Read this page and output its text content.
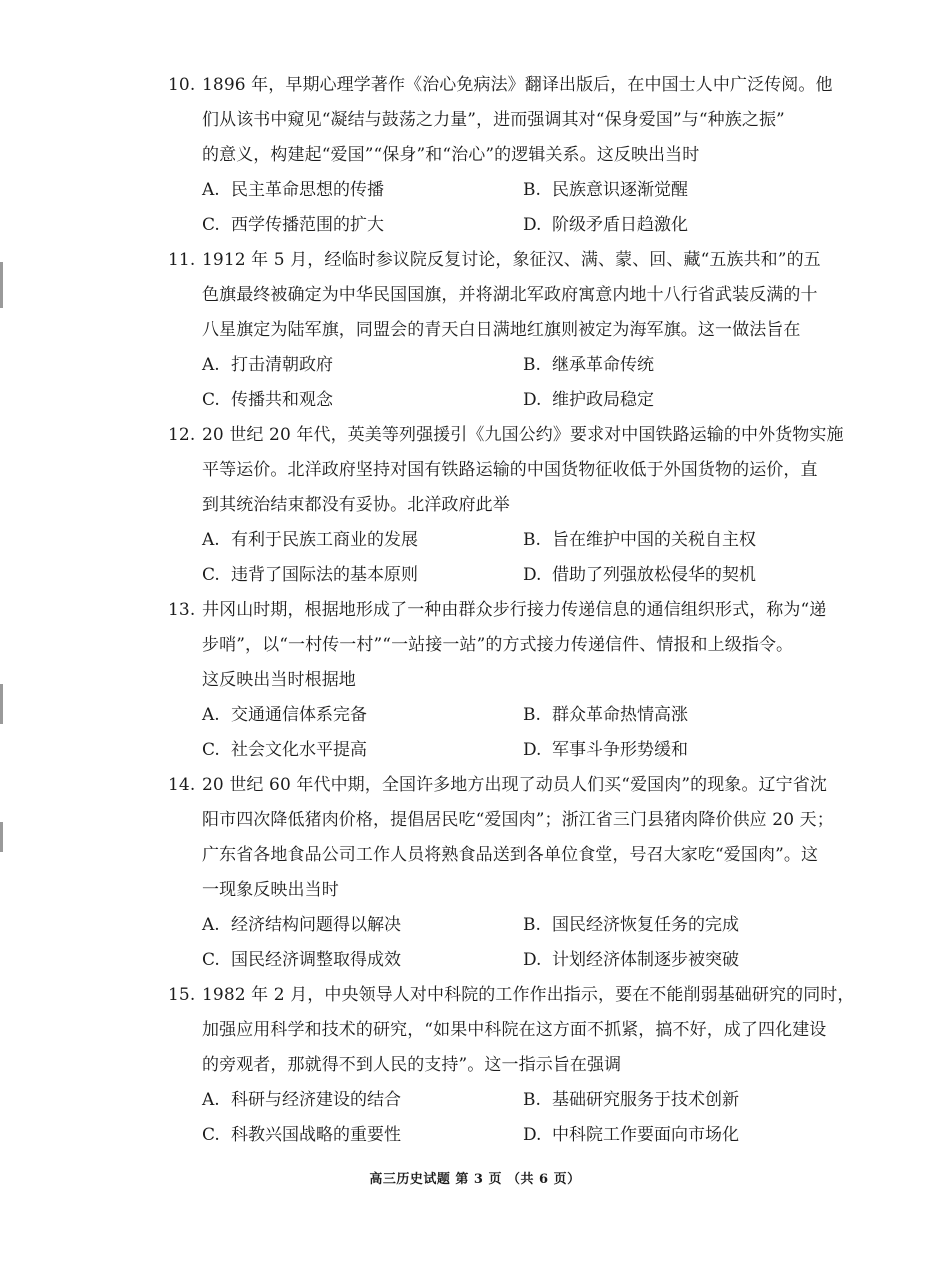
10. 1896 年，早期心理学著作《治心免病法》翻译出版后，在中国士人中广泛传阅。他
们从该书中窥见“凝结与鼓荡之力量”，进而强调其对“保身爱国”与“种族之振”
的意义，构建起“爱国”“保身”和“治心”的逻辑关系。这反映出当时
A. 民主革命思想的传播	B. 民族意识逐渐觉醒
C. 西学传播范围的扩大	D. 阶级矛盾日趋激化
11. 1912 年 5 月，经临时参议院反复讨论，象征汉、满、蒙、回、藏“五族共和”的五
色旗最终被确定为中华民国国旗，并将湖北军政府寓意内地十八行省武装反满的十
八星旗定为陆军旗，同盟会的青天白日满地红旗则被定为海军旗。这一做法旨在
A. 打击清朝政府	B. 继承革命传统
C. 传播共和观念	D. 维护政局稳定
12. 20 世纪 20 年代，英美等列强援引《九国公约》要求对中国铁路运输的中外货物实施
平等运价。北洋政府坚持对国有铁路运输的中国货物征收低于外国货物的运价，直
到其统治结束都没有妥协。北洋政府此举
A. 有利于民族工商业的发展	B. 旨在维护中国的关税自主权
C. 违背了国际法的基本原则	D. 借助了列强放松侵华的契机
13. 井冈山时期，根据地形成了一种由群众步行接力传递信息的通信组织形式，称为“递
步哨”，以“一村传一村”“一站接一站”的方式接力传递信件、情报和上级指令。
这反映出当时根据地
A. 交通通信体系完备	B. 群众革命热情高涨
C. 社会文化水平提高	D. 军事斗争形势缓和
14. 20 世纪 60 年代中期，全国许多地方出现了动员人们买“爱国肉”的现象。辽宁省沈
阳市四次降低猪肉价格，提倡居民吃“爱国肉”；浙江省三门县猪肉降价供应 20 天；
广东省各地食品公司工作人员将熟食品送到各单位食堂，号召大家吃“爱国肉”。这
一现象反映出当时
A. 经济结构问题得以解决	B. 国民经济恢复任务的完成
C. 国民经济调整取得成效	D. 计划经济体制逐步被突破
15. 1982 年 2 月，中央领导人对中科院的工作作出指示，要在不能削弱基础研究的同时，
加强应用科学和技术的研究，“如果中科院在这方面不抓紧，搞不好，成了四化建设
的旁观者，那就得不到人民的支持”。这一指示旨在强调
A. 科研与经济建设的结合	B. 基础研究服务于技术创新
C. 科教兴国战略的重要性	D. 中科院工作要面向市场化
高三历史试题 第 3 页 （共 6 页）
